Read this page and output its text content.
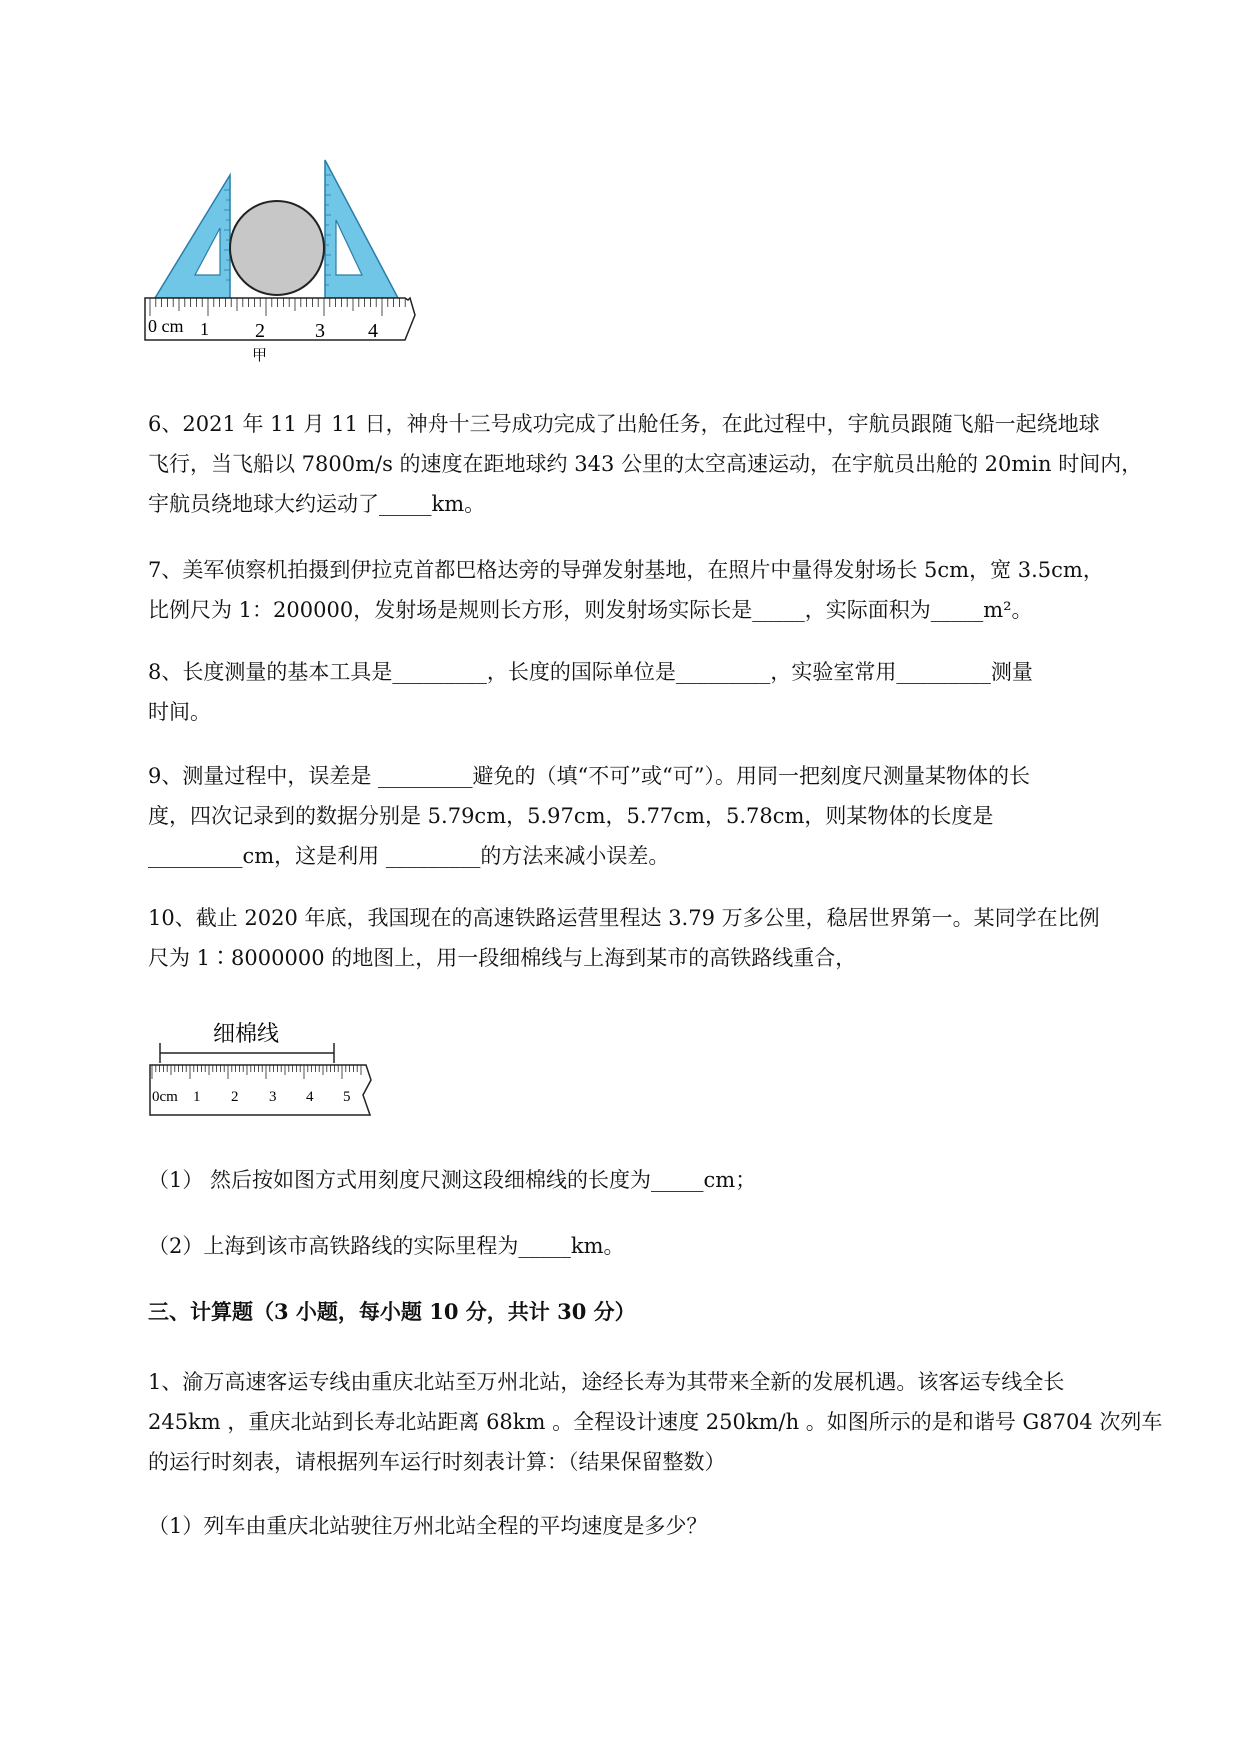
0 cm 1 2	3 4
甲
6、2021 年 11 月 11 日，神舟十三号成功完成了出舱任务，在此过程中，宇航员跟随飞船一起绕地球
飞行，当飞船以 7800m/s 的速度在距地球约 343 公里的太空高速运动，在宇航员出舱的 20min 时间内，
宇航员绕地球大约运动了_____km。
7、美军侦察机拍摄到伊拉克首都巴格达旁的导弹发射基地，在照片中量得发射场长 5cm，宽 3.5cm，
比例尺为 1：200000，发射场是规则长方形，则发射场实际长是_____，实际面积为_____m²。
8、长度测量的基本工具是_________，长度的国际单位是_________，实验室常用_________测量
时间。
9、测量过程中，误差是 _________避免的（填“不可”或“可”）。用同一把刻度尺测量某物体的长
度，四次记录到的数据分别是 5.79cm，5.97cm，5.77cm，5.78cm，则某物体的长度是
_________cm，这是利用 _________的方法来减小误差。
10、截止 2020 年底，我国现在的高速铁路运营里程达 3.79 万多公里，稳居世界第一。某同学在比例
尺为 1∶8000000 的地图上，用一段细棉线与上海到某市的高铁路线重合，
细棉线
0cm 1 2 3 4 5
（1） 然后按如图方式用刻度尺测这段细棉线的长度为_____cm；
（2）上海到该市高铁路线的实际里程为_____km。
三、计算题（3 小题，每小题 10 分，共计 30 分）
1、渝万高速客运专线由重庆北站至万州北站，途经长寿为其带来全新的发展机遇。该客运专线全长
245km ，重庆北站到长寿北站距离 68km 。全程设计速度 250km/h 。如图所示的是和谐号 G8704 次列车
的运行时刻表，请根据列车运行时刻表计算：（结果保留整数）
（1）列车由重庆北站驶往万州北站全程的平均速度是多少？
